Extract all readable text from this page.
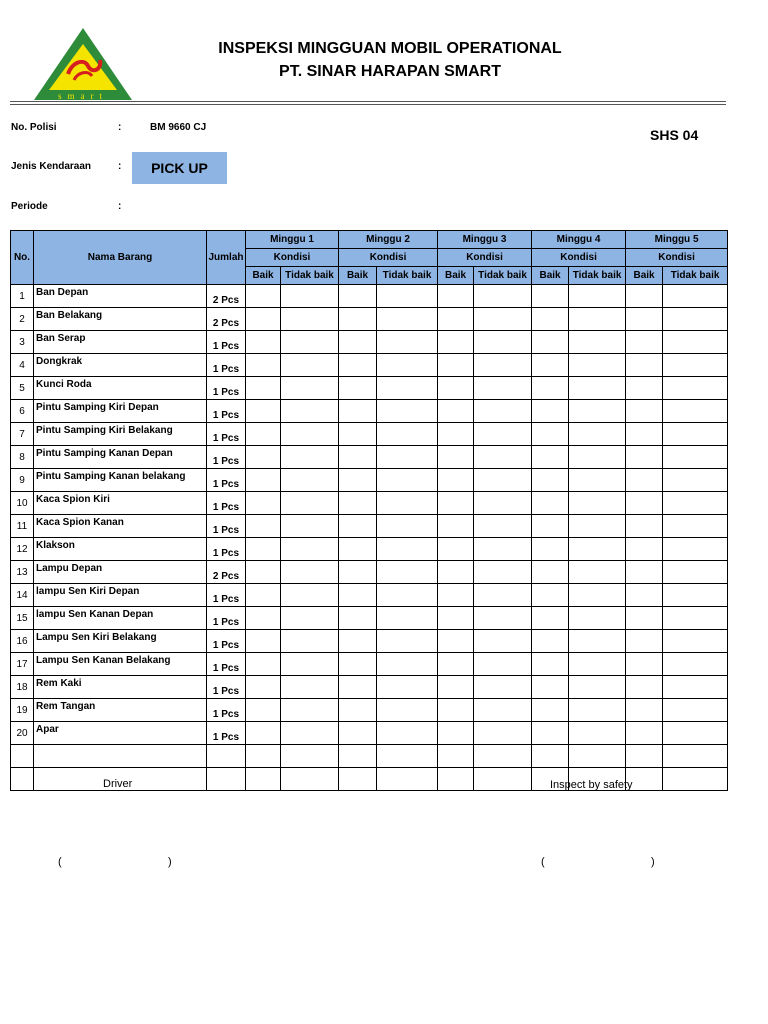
smart
INSPEKSI MINGGUAN MOBIL OPERATIONAL
PT. SINAR HARAPAN SMART
No. Polisi	:	BM 9660 CJ	SHS 04
Jenis Kendaraan	:	PICK UP
Periode	:
No.	Nama Barang	Jumlah	Minggu 1		Minggu 2		Minggu 3		Minggu 4		Minggu 5	
			Kondisi		Kondisi		Kondisi		Kondisi		Kondisi	
			Baik	Tidak baik	Baik	Tidak baik	Baik	Tidak baik	Baik	Tidak baik	Baik	Tidak baik
1	Ban Depan	2 Pcs										
2	Ban Belakang	2 Pcs										
3	Ban Serap	1 Pcs										
4	Dongkrak	1 Pcs										
5	Kunci Roda	1 Pcs										
6	Pintu Samping Kiri Depan	1 Pcs										
7	Pintu Samping Kiri Belakang	1 Pcs										
8	Pintu Samping Kanan Depan	1 Pcs										
9	Pintu Samping Kanan belakang	1 Pcs										
10	Kaca Spion Kiri	1 Pcs										
11	Kaca Spion Kanan	1 Pcs										
12	Klakson	1 Pcs										
13	Lampu Depan	2 Pcs										
14	lampu Sen Kiri Depan	1 Pcs										
15	lampu Sen Kanan Depan	1 Pcs										
16	Lampu Sen Kiri Belakang	1 Pcs										
17	Lampu Sen Kanan Belakang	1 Pcs										
18	Rem Kaki	1 Pcs										
19	Rem Tangan	1 Pcs										
20	Apar	1 Pcs										

Driver	Inspect by safety
(	)	(	)
